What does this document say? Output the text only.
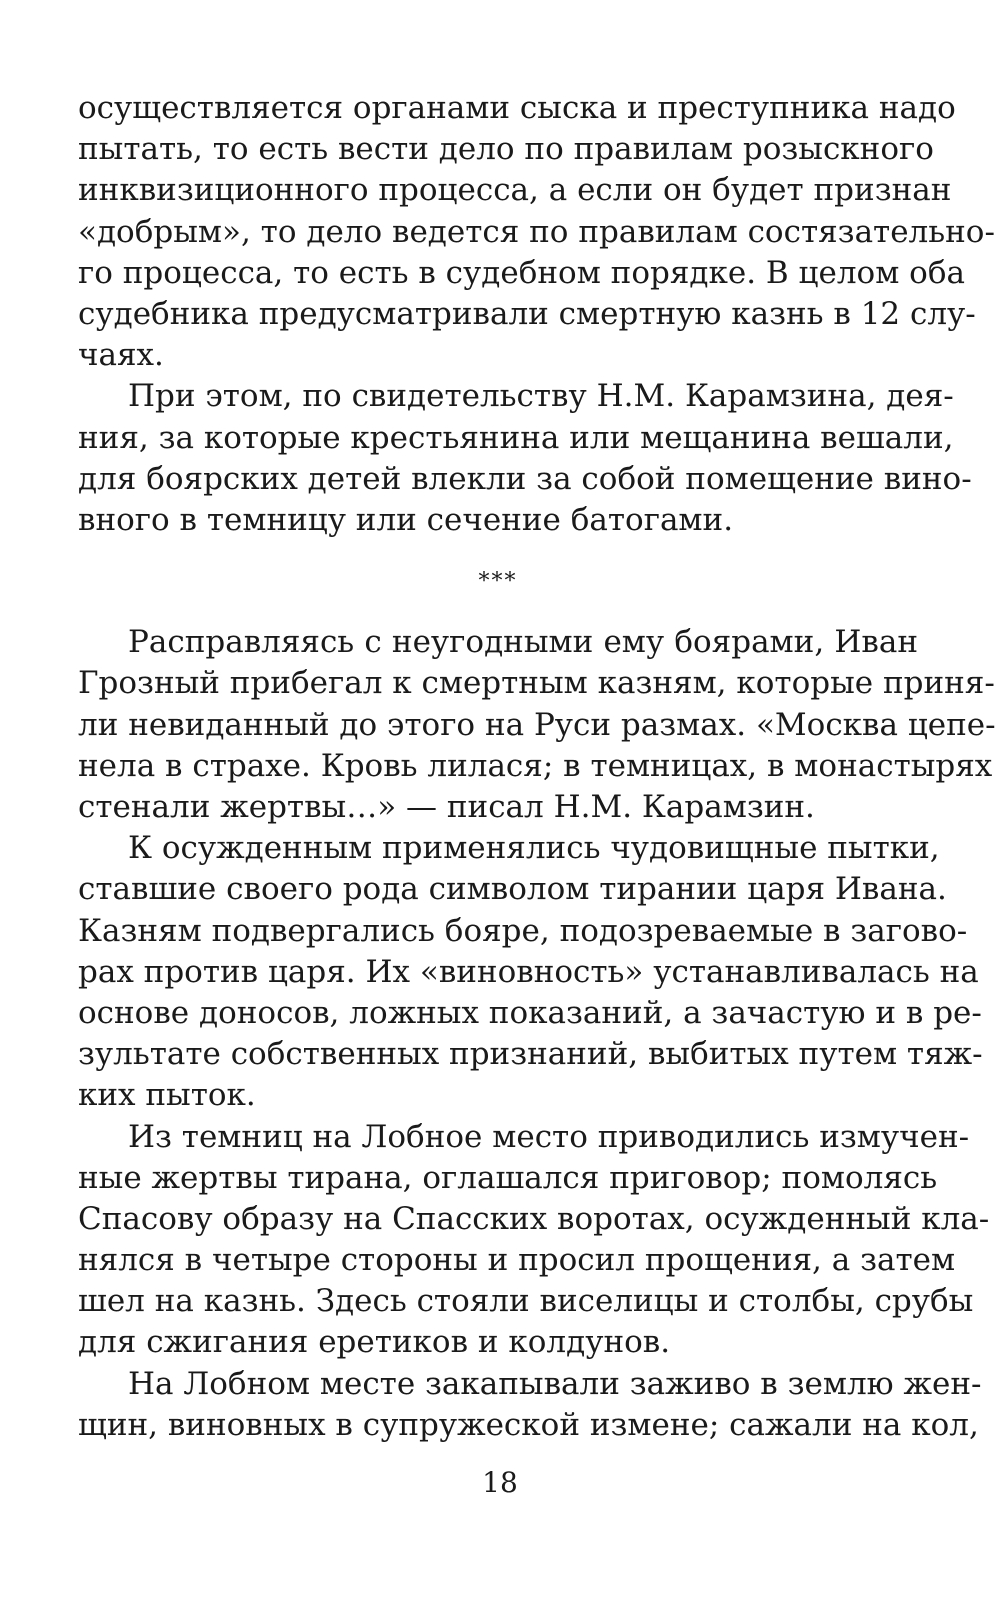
осуществляется органами сыска и преступника надо
пытать, то есть вести дело по правилам розыскного
инквизиционного процесса, а если он будет признан
«добрым», то дело ведется по правилам состязательно-
го процесса, то есть в судебном порядке. В целом оба
судебника предусматривали смертную казнь в 12 слу-
чаях.
При этом, по свидетельству Н.М. Карамзина, дея-
ния, за которые крестьянина или мещанина вешали,
для боярских детей влекли за собой помещение вино-
вного в темницу или сечение батогами.
***
Расправляясь с неугодными ему боярами, Иван
Грозный прибегал к смертным казням, которые приня-
ли невиданный до этого на Руси размах. «Москва цепе-
нела в страхе. Кровь лилася; в темницах, в монастырях
стенали жертвы…» — писал Н.М. Карамзин.
К осужденным применялись чудовищные пытки,
ставшие своего рода символом тирании царя Ивана.
Казням подвергались бояре, подозреваемые в загово-
рах против царя. Их «виновность» устанавливалась на
основе доносов, ложных показаний, а зачастую и в ре-
зультате собственных признаний, выбитых путем тяж-
ких пыток.
Из темниц на Лобное место приводились измучен-
ные жертвы тирана, оглашался приговор; помолясь
Спасову образу на Спасских воротах, осужденный кла-
нялся в четыре стороны и просил прощения, а затем
шел на казнь. Здесь стояли виселицы и столбы, срубы
для сжигания еретиков и колдунов.
На Лобном месте закапывали заживо в землю жен-
щин, виновных в супружеской измене; сажали на кол,
18
